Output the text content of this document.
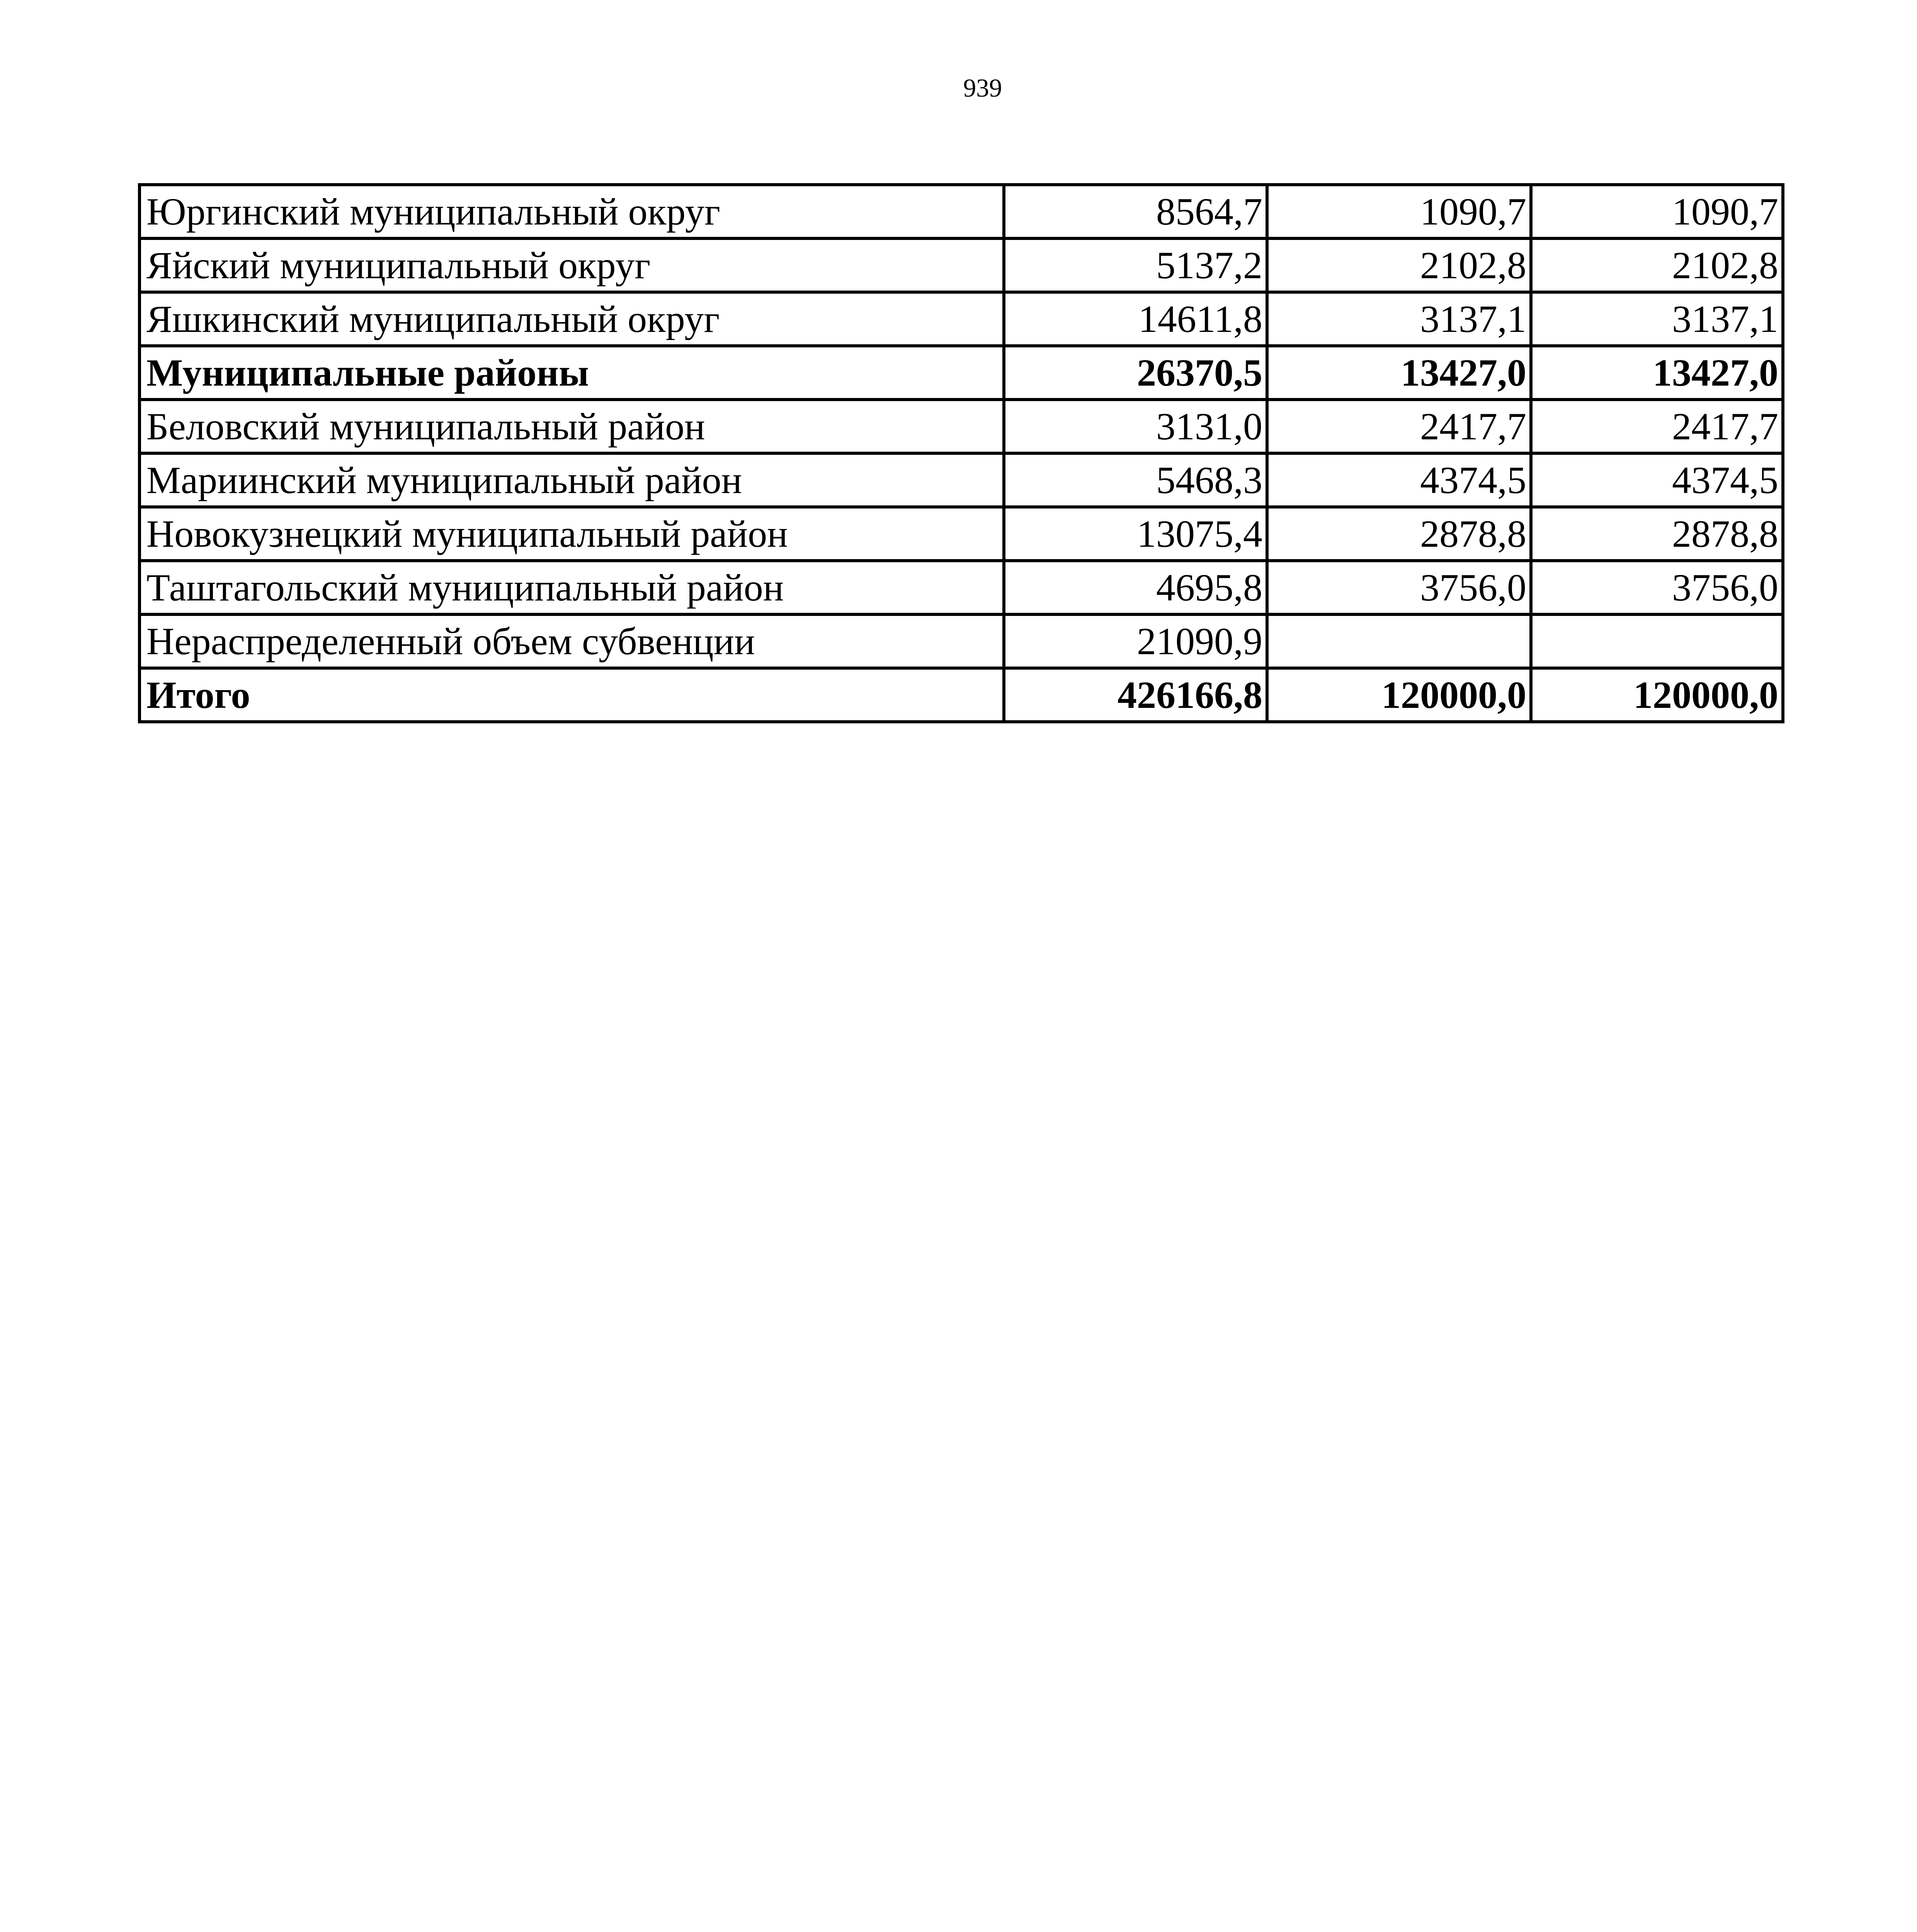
939
Юргинский муниципальный округ	8564,7	1090,7	1090,7
Яйский муниципальный округ	5137,2	2102,8	2102,8
Яшкинский муниципальный округ	14611,8	3137,1	3137,1
Муниципальные районы	26370,5	13427,0	13427,0
Беловский муниципальный район	3131,0	2417,7	2417,7
Мариинский муниципальный район	5468,3	4374,5	4374,5
Новокузнецкий муниципальный район	13075,4	2878,8	2878,8
Таштагольский муниципальный район	4695,8	3756,0	3756,0
Нераспределенный объем субвенции	21090,9		
Итого	426166,8	120000,0	120000,0
